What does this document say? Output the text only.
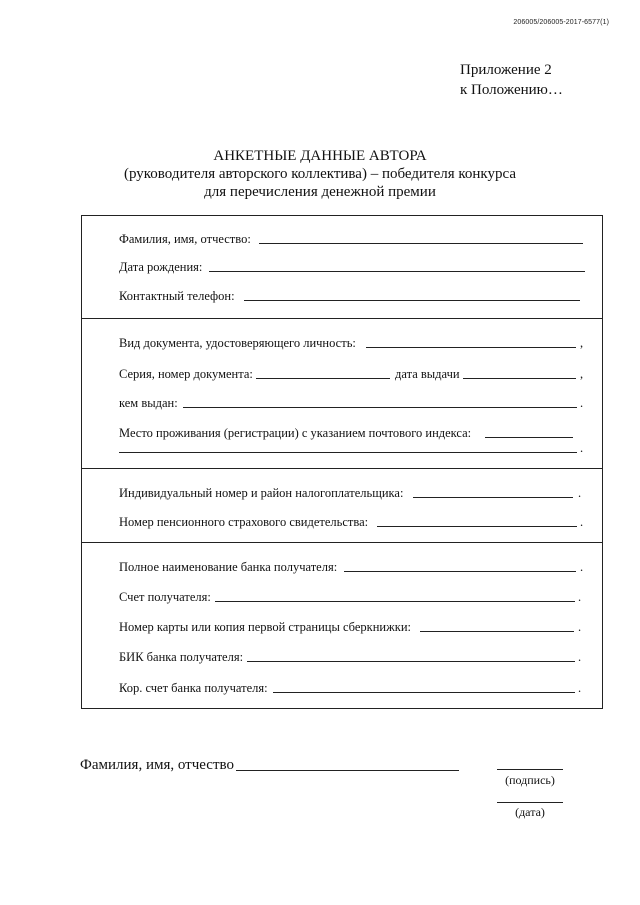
206005/206005-2017-6577(1)
Приложение 2
к Положению…
АНКЕТНЫЕ ДАННЫЕ АВТОРА
(руководителя авторского коллектива) – победителя конкурса
для перечисления денежной премии
Фамилия, имя, отчество:
Дата рождения:
Контактный телефон:
Вид документа, удостоверяющего личность:	,
Серия, номер документа:	дата выдачи	,
кем выдан:	.
Место проживания (регистрации) с указанием почтового индекса:
.
Индивидуальный номер и район налогоплательщика:	.
Номер пенсионного страхового свидетельства:	.
Полное наименование банка получателя:	.
Счет получателя:	.
Номер карты или копия первой страницы сберкнижки:	.
БИК банка получателя:	.
Кор. счет банка получателя:	.
Фамилия, имя, отчество
(подпись)
(дата)
